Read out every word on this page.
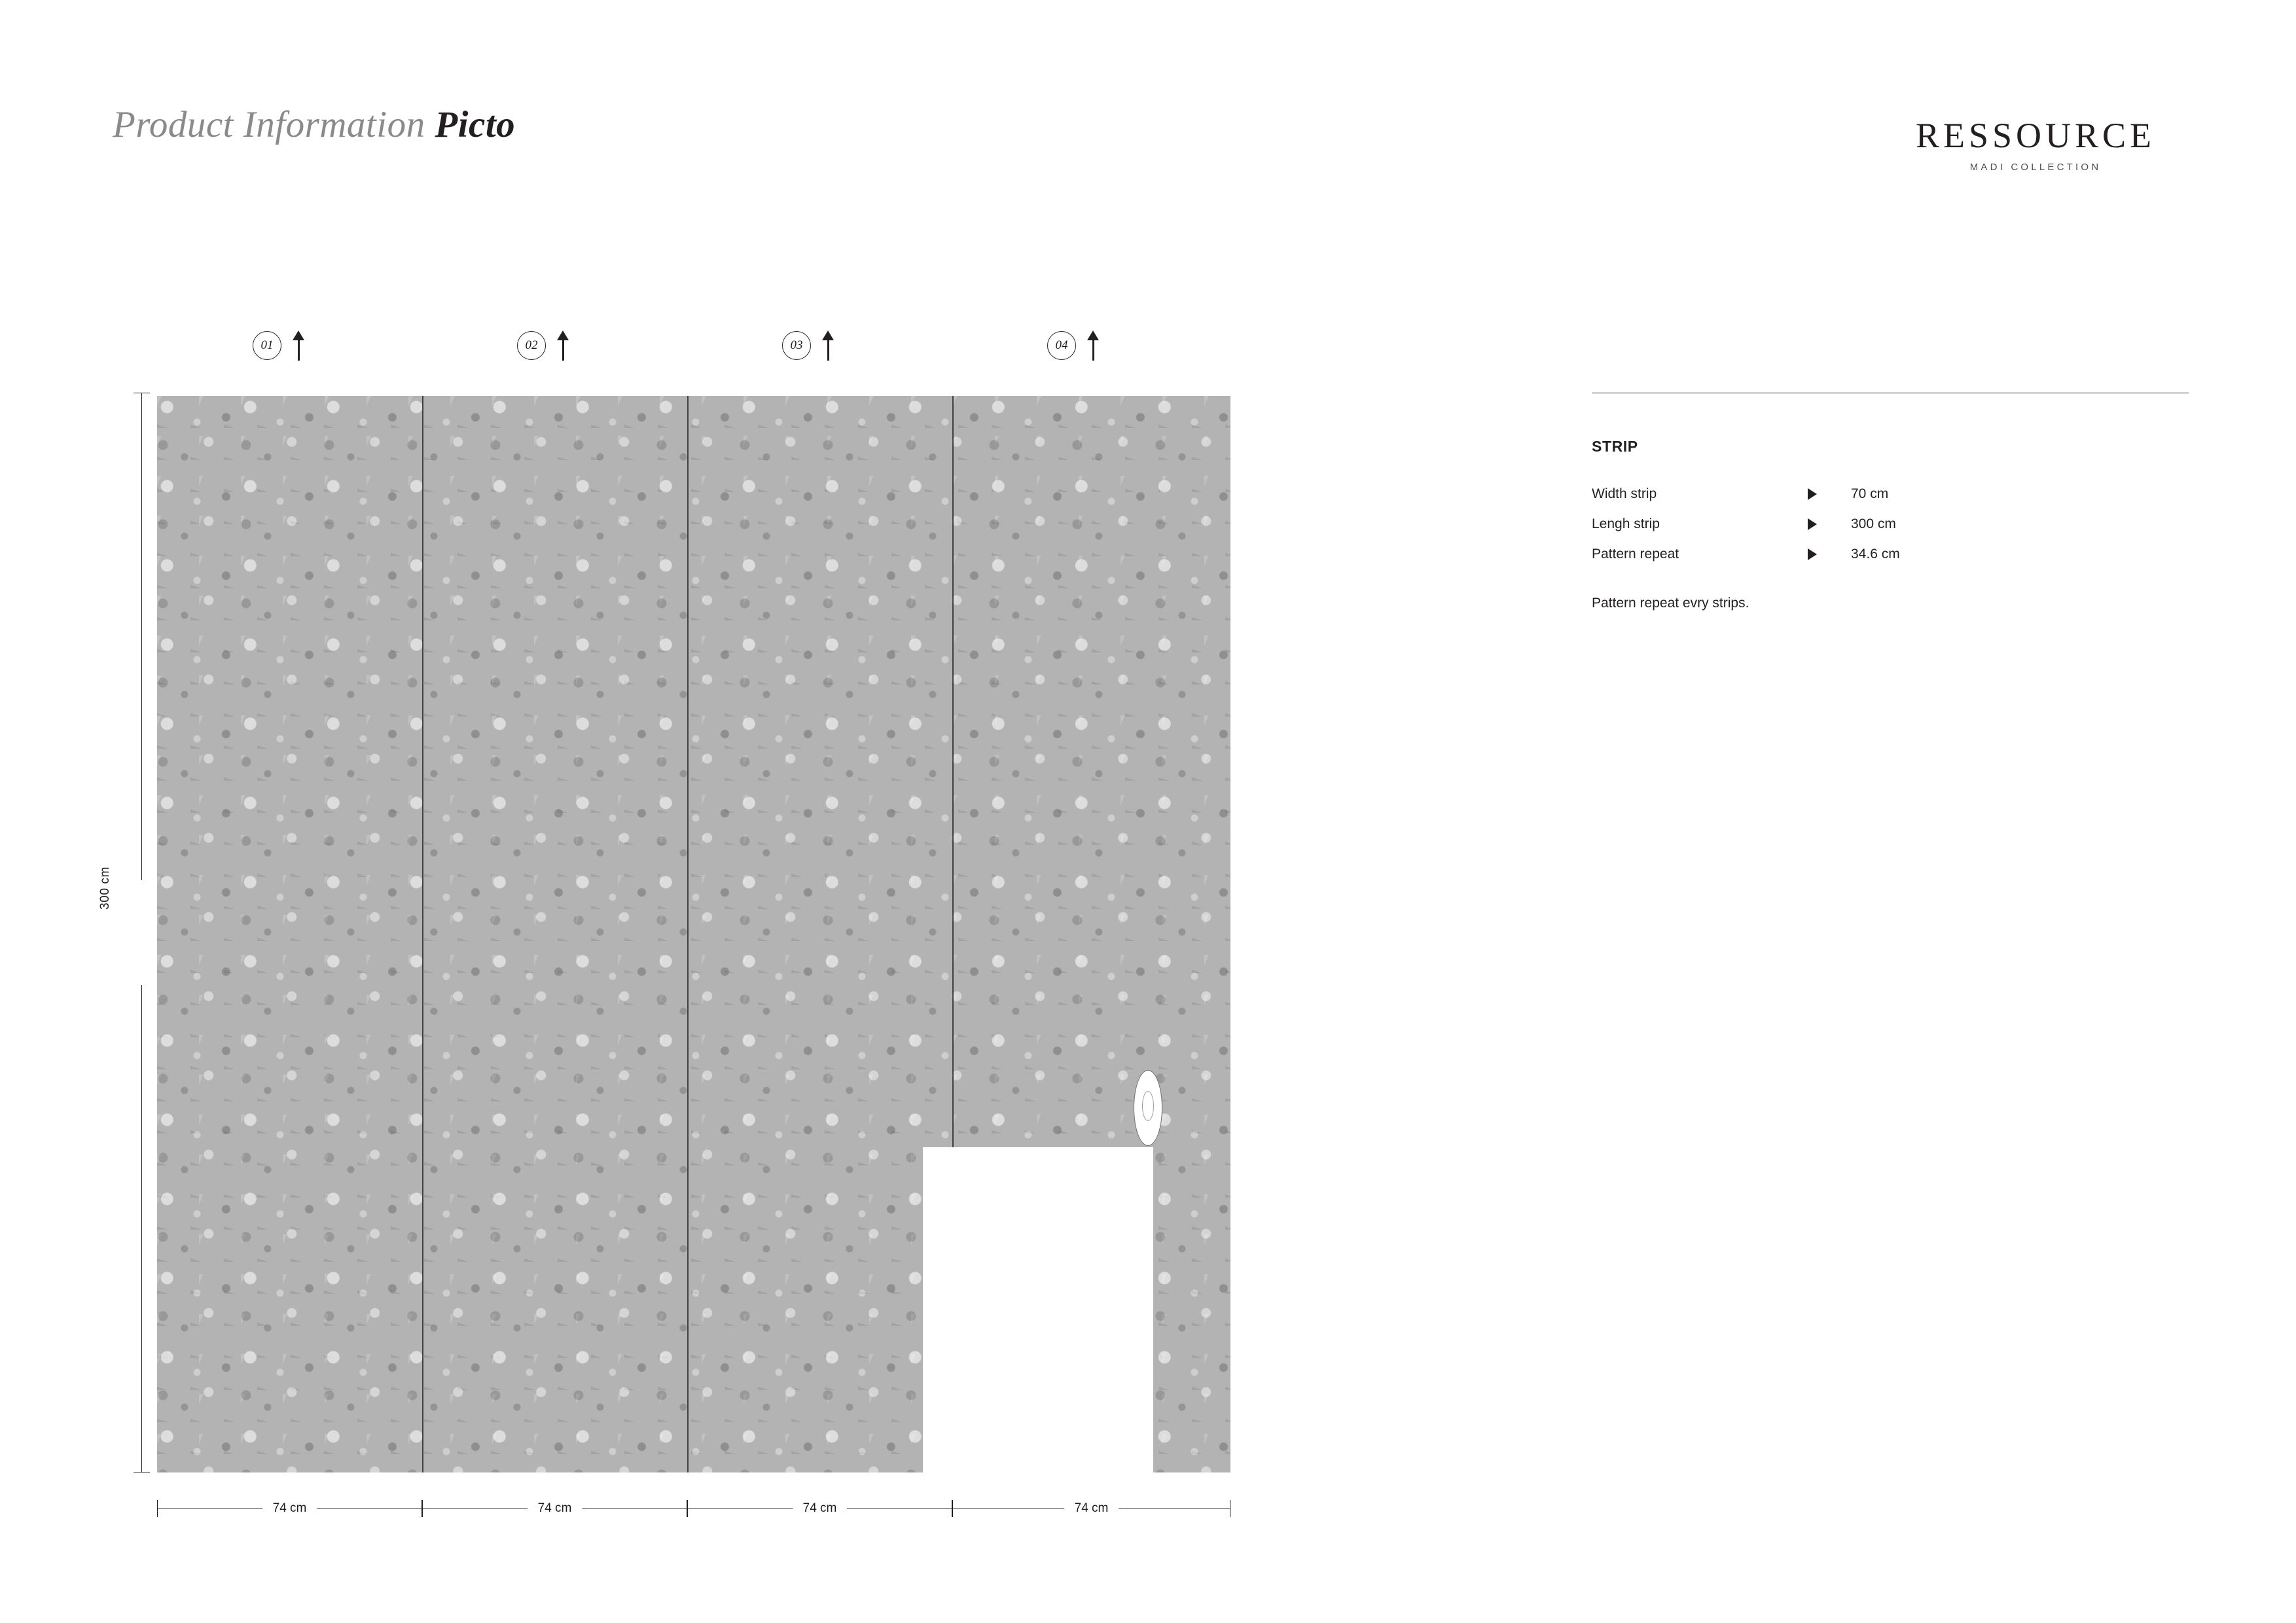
Product Information Picto	RESSOURCE
MADI COLLECTION
01	02	03	04
300 cm
74 cm	74 cm	74 cm	74 cm
STRIP
Width strip	70 cm
Lengh strip	300 cm
Pattern repeat	34.6 cm
Pattern repeat evry strips.
